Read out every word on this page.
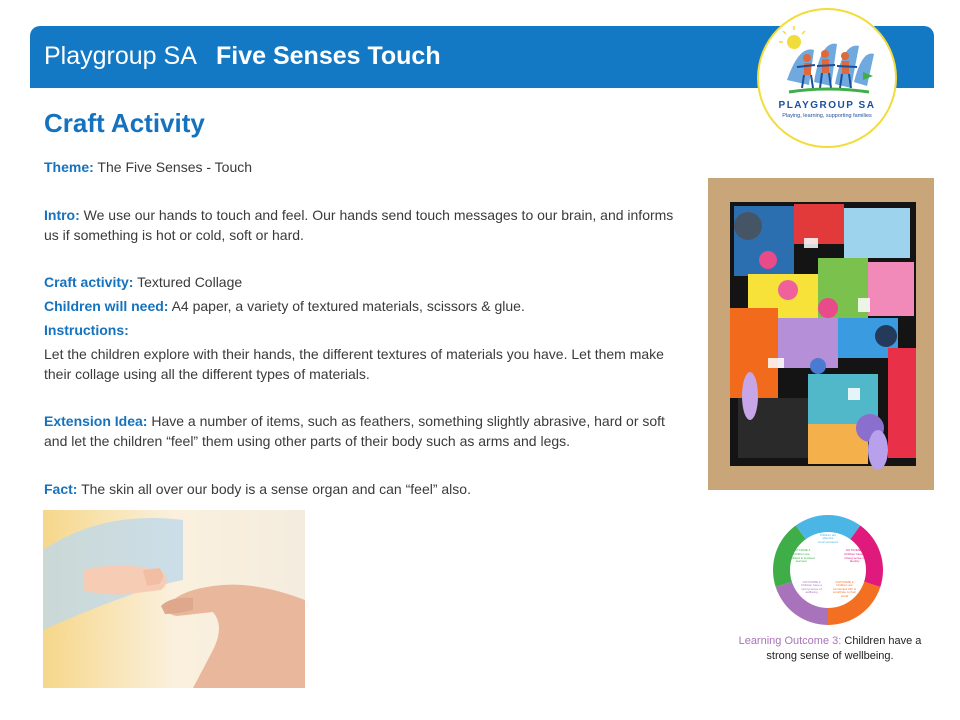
Playgroup SA Five Senses Touch
PLAYGROUP SA
Playing, learning, supporting families
Craft Activity
Theme: The Five Senses - Touch
Intro: We use our hands to touch and feel. Our hands send touch messages to our brain, and informs us if something is hot or cold, soft or hard.
Craft activity: Textured Collage
Children will need: A4 paper, a variety of textured materials, scissors & glue.
Instructions:
Let the children explore with their hands, the different textures of materials you have. Let them make their collage using all the different types of materials.
Extension Idea: Have a number of items, such as feathers, something slightly abrasive, hard or soft and let the children “feel” them using other parts of their body such as arms and legs.
Fact: The skin all over our body is a sense organ and can “feel” also.
OUTCOME 5 Children are effective communicators
OUTCOME 1 Children have a strong sense of identity
OUTCOME 2 Children are connected with & contribute to their world
OUTCOME 3 Children have a strong sense of wellbeing
OUTCOME 4 Children are confident & involved learners
Learning Outcome 3: Children have a strong sense of wellbeing.
